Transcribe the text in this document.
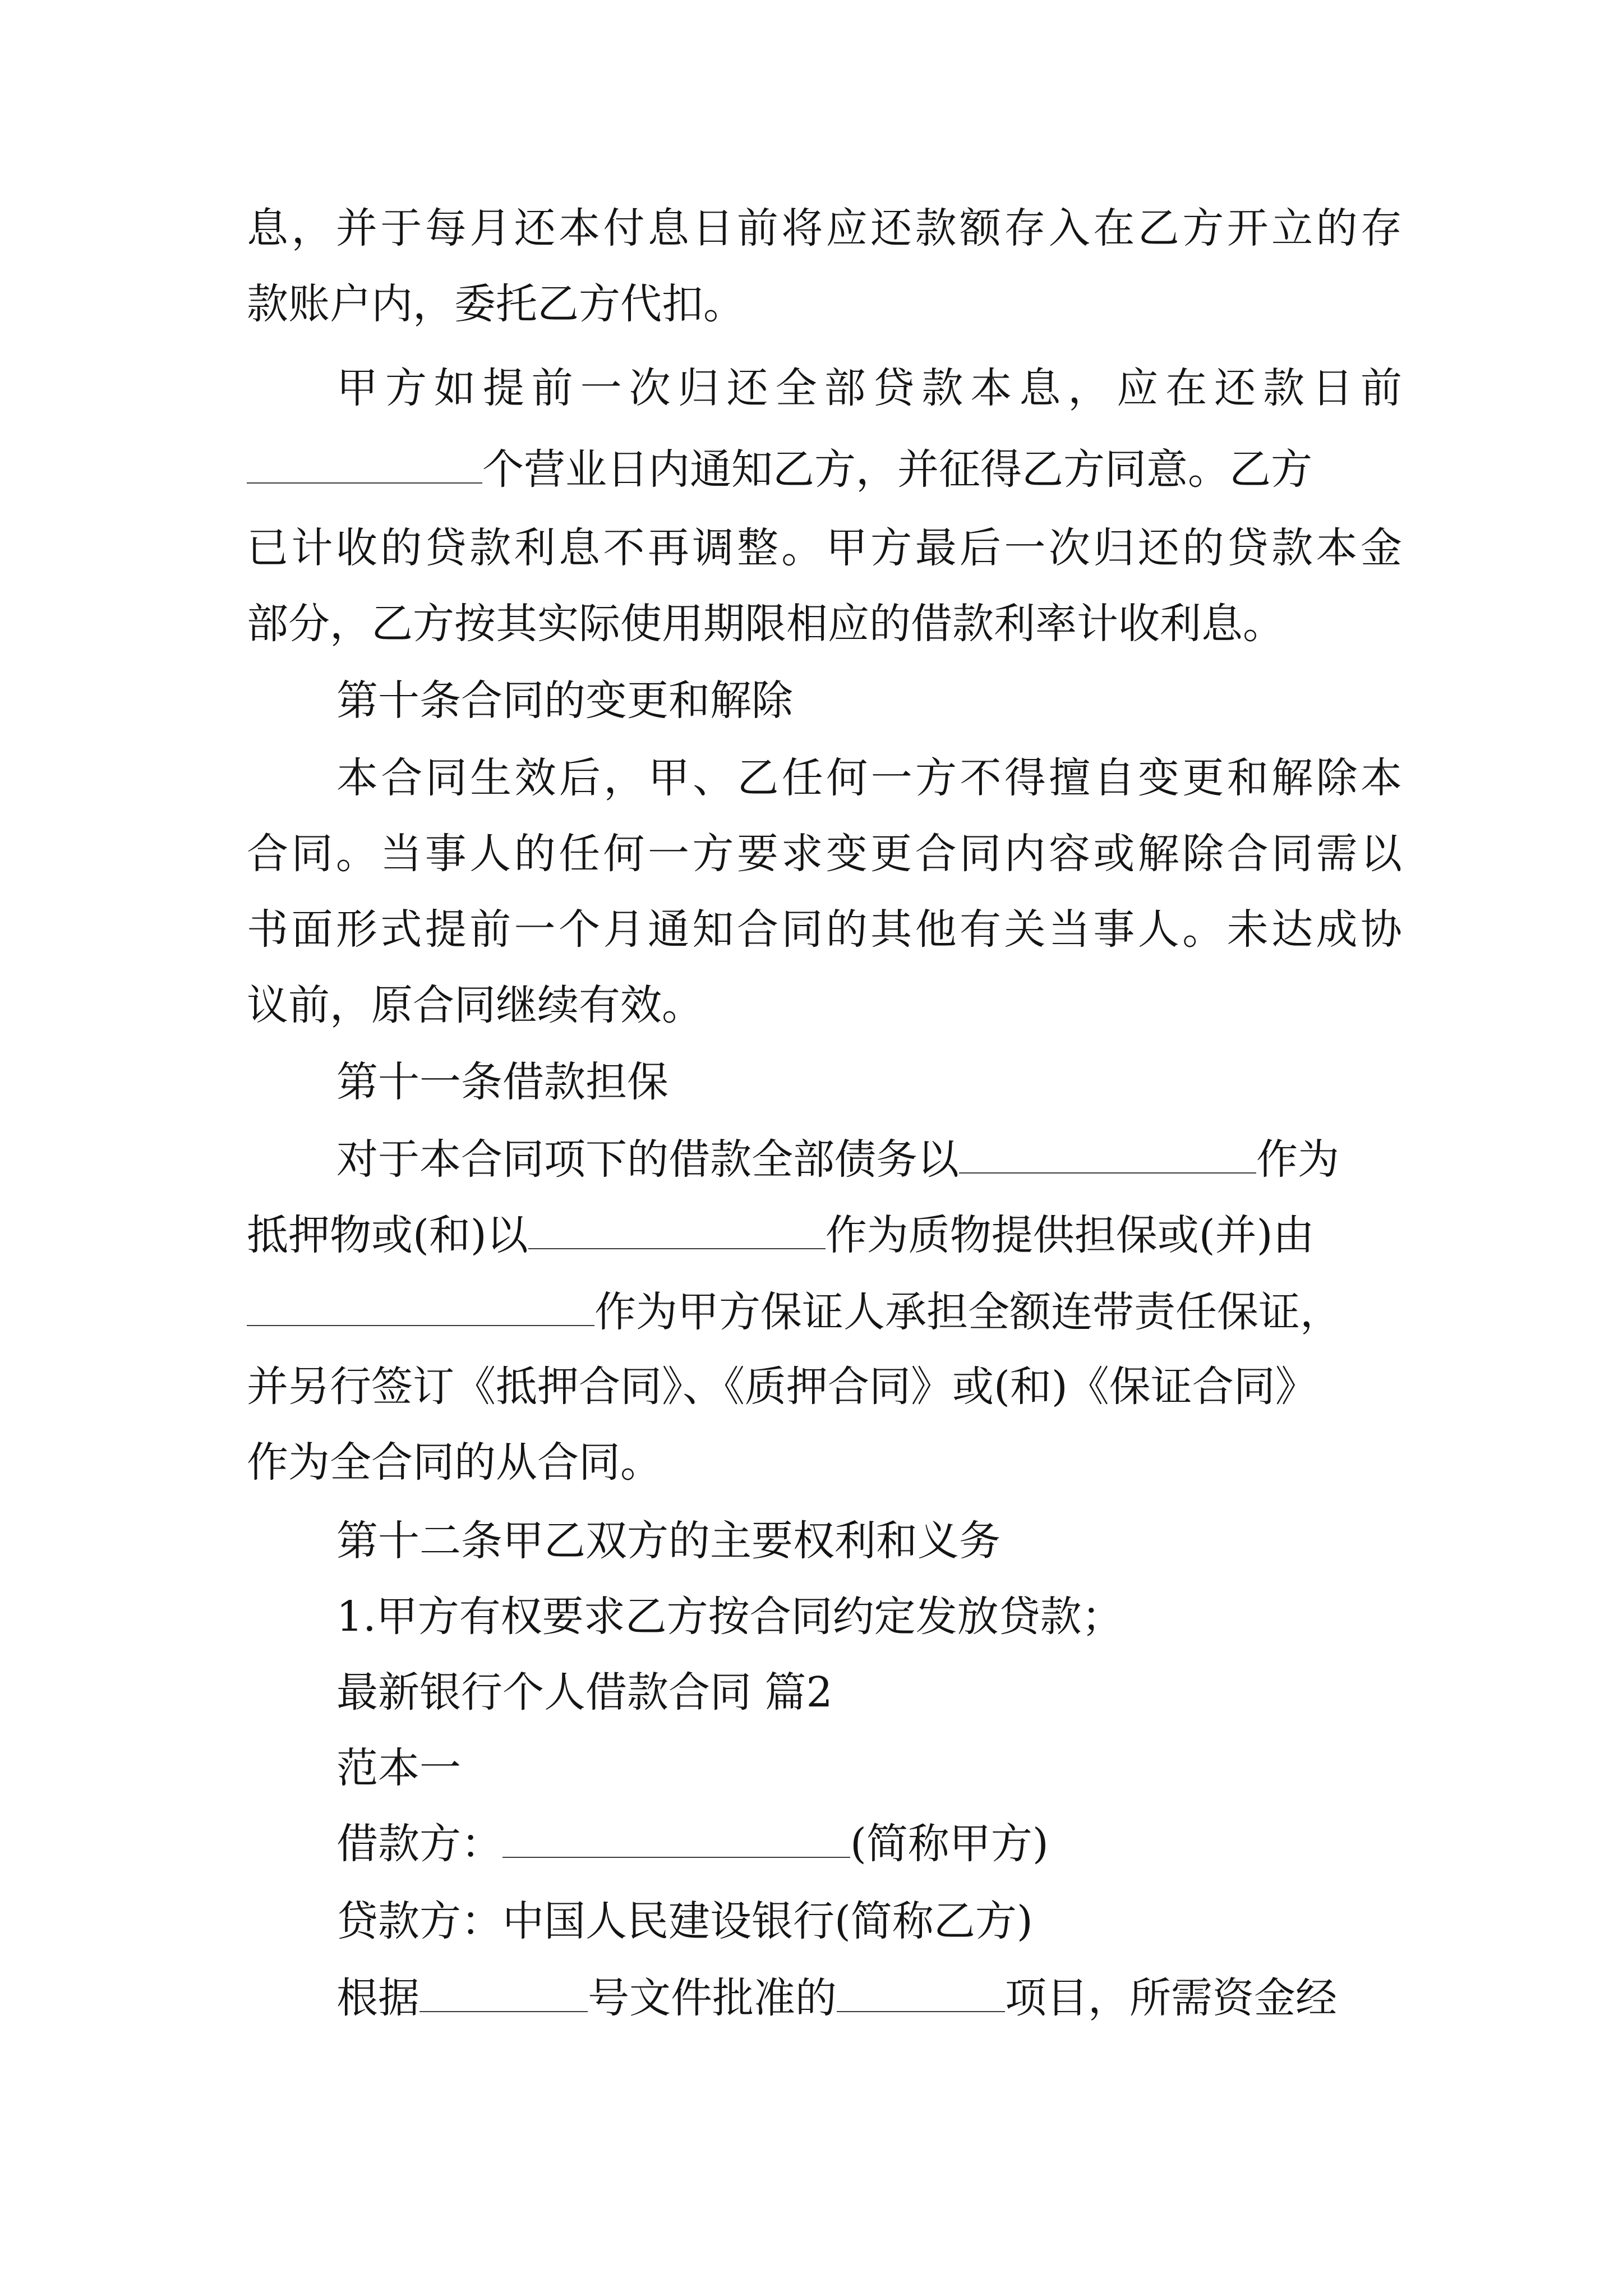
息，并于每月还本付息日前将应还款额存入在乙方开立的存
款账户内，委托乙方代扣。
甲方如提前一次归还全部贷款本息，应在还款日前
个营业日内通知乙方，并征得乙方同意。乙方
已计收的贷款利息不再调整。甲方最后一次归还的贷款本金
部分，乙方按其实际使用期限相应的借款利率计收利息。
第十条合同的变更和解除
本合同生效后，甲、乙任何一方不得擅自变更和解除本
合同。当事人的任何一方要求变更合同内容或解除合同需以
书面形式提前一个月通知合同的其他有关当事人。未达成协
议前，原合同继续有效。
第十一条借款担保
对于本合同项下的借款全部债务以	作为
抵押物或(和)以	作为质物提供担保或(并)由
作为甲方保证人承担全额连带责任保证，
并另行签订《抵押合同》、《质押合同》或(和)《保证合同》
作为全合同的从合同。
第十二条甲乙双方的主要权利和义务
1.甲方有权要求乙方按合同约定发放贷款；
最新银行个人借款合同 篇2
范本一
借款方：	(简称甲方)
贷款方：中国人民建设银行(简称乙方)
根据	号文件批准的	项目，所需资金经
